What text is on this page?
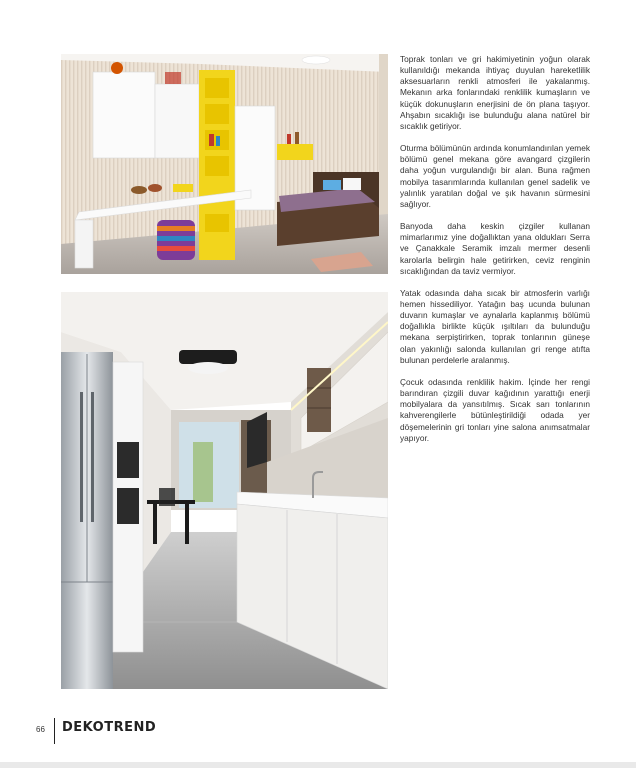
Toprak tonları ve gri hakimiyetinin yoğun olarak kullanıldığı mekanda ihtiyaç duyulan hareketlilik aksesuarların renkli atmosferi ile yakalanmış. Mekanın arka fonlarındaki renklilik kumaşların ve küçük dokunuşların enerjisini de ön plana taşıyor. Ahşabın sıcaklığı ise bulunduğu alana natürel bir sıcaklık getiriyor.

Oturma bölümünün ardında konumlandırılan yemek bölümü genel mekana göre avangard çizgilerin daha yoğun vurgulandığı bir alan. Buna rağmen mobilya tasarımlarında kullanılan genel sadelik ve yalınlık yaratılan doğal ve şık havanın sürmesini sağlıyor.

Banyoda daha keskin çizgiler kullanan mimarlarımız yine doğallıktan yana oldukları Serra ve Çanakkale Seramik imzalı mermer desenli karolarla belirgin hale getirirken, ceviz renginin sıcaklığından da taviz vermiyor.

Yatak odasında daha sıcak bir atmosferin varlığı hemen hissediliyor. Yatağın baş ucunda bulunan duvarın kumaşlar ve aynalarla kaplanmış bölümü doğallıkla birlikte küçük ışıltıları da bulunduğu mekana serpiştirirken, toprak tonlarının güneşe olan yakınlığı salonda kullanılan gri renge atıfta bulunan perdelerle aralanmış.

Çocuk odasında renklilik hakim. İçinde her rengi barındıran çizgili duvar kağıdının yarattığı enerji mobilyalara da yansıtılmış. Sıcak sarı tonlarının kahverengilerle bütünleştirildiği odada yer döşemelerinin gri tonları yine salona anımsatmalar yapıyor.

66 DEKOTREND
